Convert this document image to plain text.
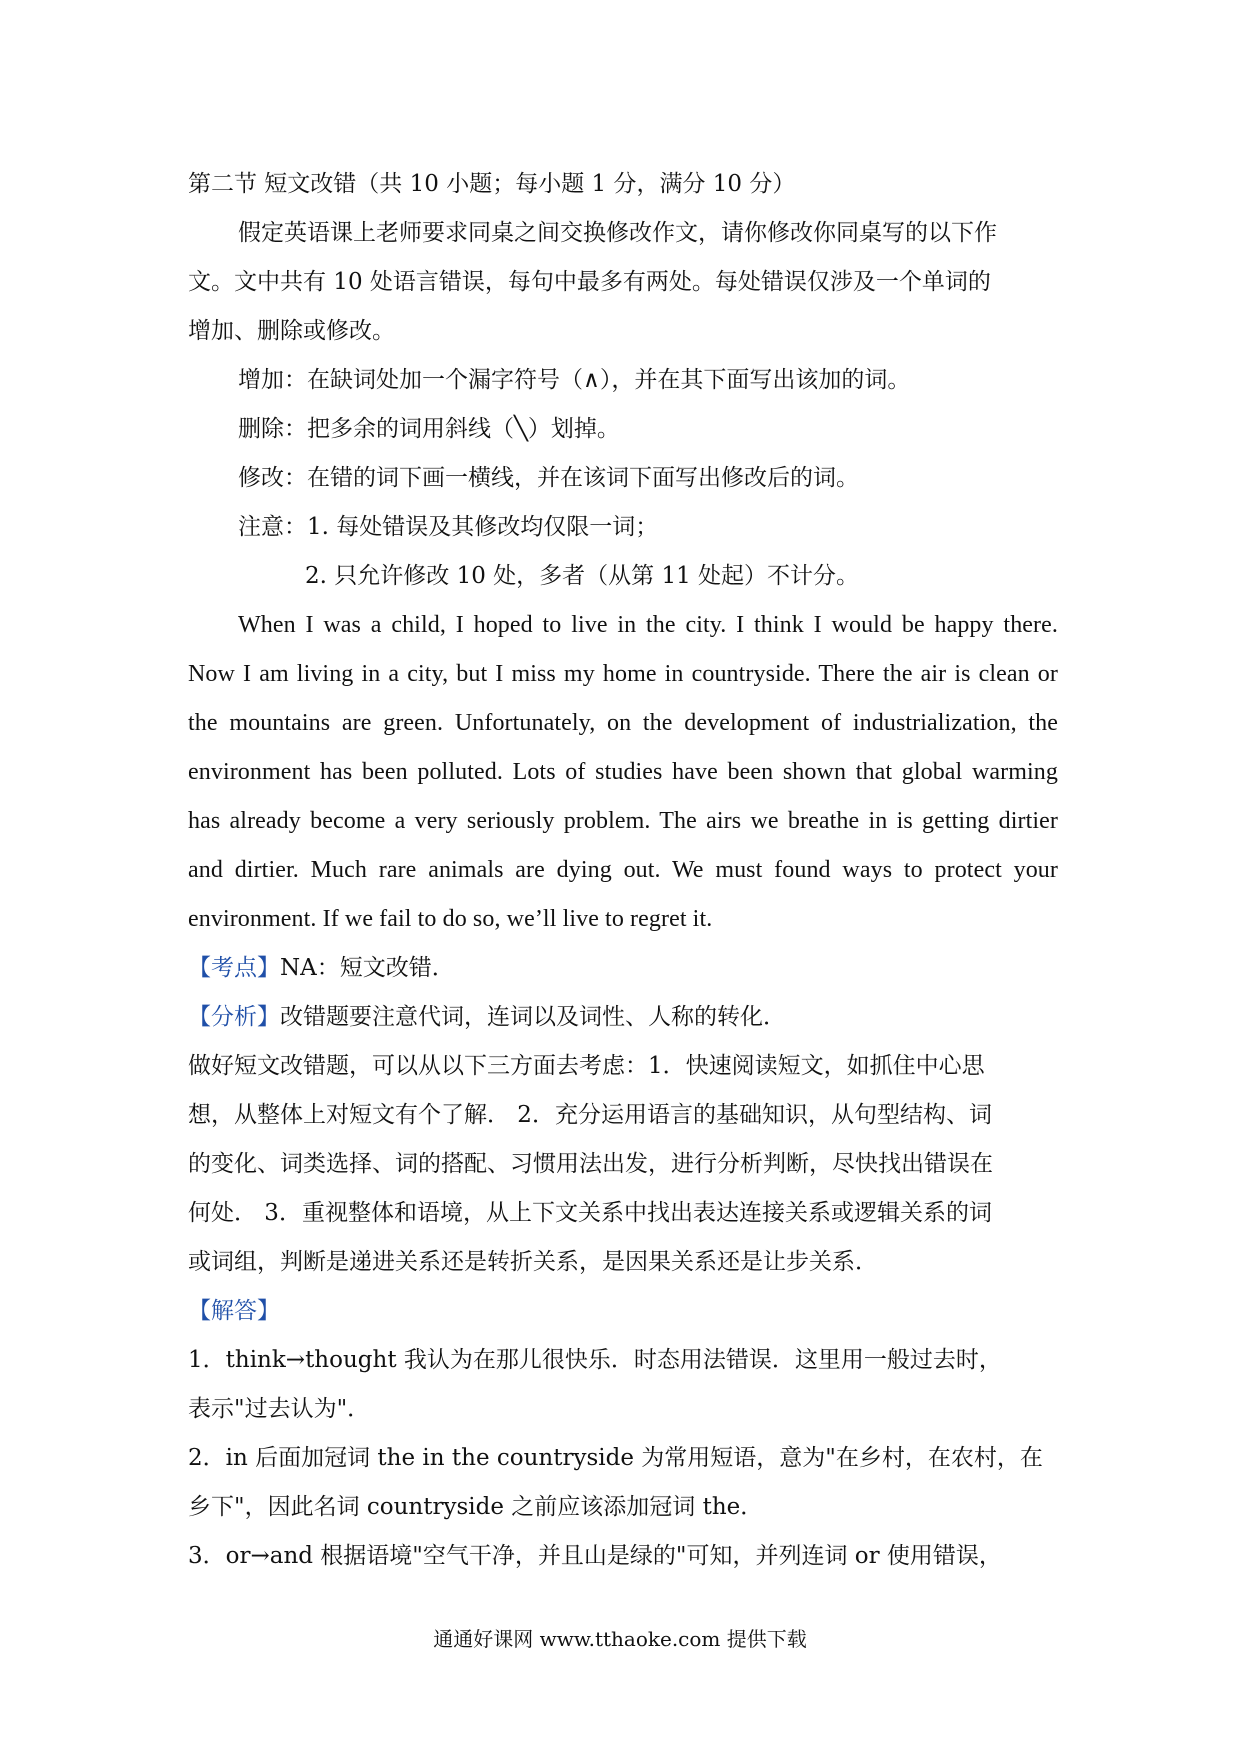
第二节 短文改错（共 10 小题；每小题 1 分，满分 10 分）
假定英语课上老师要求同桌之间交换修改作文，请你修改你同桌写的以下作
文。文中共有 10 处语言错误，每句中最多有两处。每处错误仅涉及一个单词的
增加、删除或修改。
增加：在缺词处加一个漏字符号（∧），并在其下面写出该加的词。
删除：把多余的词用斜线（╲）划掉。
修改：在错的词下画一横线，并在该词下面写出修改后的词。
注意：1. 每处错误及其修改均仅限一词；
2. 只允许修改 10 处，多者（从第 11 处起）不计分。
When I was a child, I hoped to live in the city. I think I would be happy there.
Now I am living in a city, but I miss my home in countryside. There the air is clean or
the mountains are green. Unfortunately, on the development of industrialization, the
environment has been polluted. Lots of studies have been shown that global warming
has already become a very seriously problem. The airs we breathe in is getting dirtier
and dirtier. Much rare animals are dying out. We must found ways to protect your
environment. If we fail to do so, we’ll live to regret it.
【考点】NA：短文改错．
【分析】改错题要注意代词，连词以及词性、人称的转化．
做好短文改错题，可以从以下三方面去考虑：1．快速阅读短文，如抓住中心思
想，从整体上对短文有个了解． 2．充分运用语言的基础知识，从句型结构、词
的变化、词类选择、词的搭配、习惯用法出发，进行分析判断，尽快找出错误在
何处． 3．重视整体和语境，从上下文关系中找出表达连接关系或逻辑关系的词
或词组，判断是递进关系还是转折关系，是因果关系还是让步关系．
【解答】
1．think→thought 我认为在那儿很快乐．时态用法错误．这里用一般过去时，
表示"过去认为"．
2．in 后面加冠词 the in the countryside 为常用短语，意为"在乡村，在农村，在
乡下"，因此名词 countryside 之前应该添加冠词 the．
3．or→and 根据语境"空气干净，并且山是绿的"可知，并列连词 or 使用错误，
通通好课网 www.tthaoke.com 提供下载
